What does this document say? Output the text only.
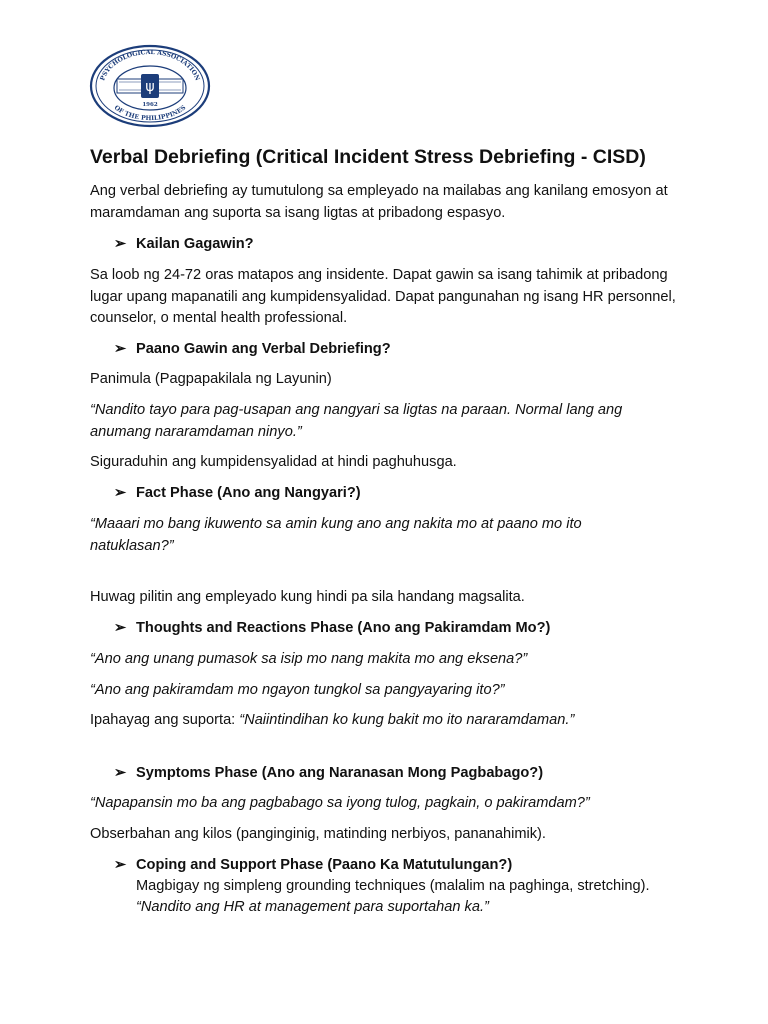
PSYCHOLOGICAL ASSOCIATION
OF THE PHILIPPINES
ψ
1962
Verbal Debriefing (Critical Incident Stress Debriefing - CISD)

Ang verbal debriefing ay tumutulong sa empleyado na mailabas ang kanilang emosyon at maramdaman ang suporta sa isang ligtas at pribadong espasyo.

➢ Kailan Gagawin?

Sa loob ng 24-72 oras matapos ang insidente. Dapat gawin sa isang tahimik at pribadong lugar upang mapanatili ang kumpidensyalidad. Dapat pangunahan ng isang HR personnel, counselor, o mental health professional.

➢ Paano Gawin ang Verbal Debriefing?

Panimula (Pagpapakilala ng Layunin)

“Nandito tayo para pag-usapan ang nangyari sa ligtas na paraan. Normal lang ang anumang nararamdaman ninyo.”

Siguraduhin ang kumpidensyalidad at hindi paghuhusga.

➢ Fact Phase (Ano ang Nangyari?)

“Maaari mo bang ikuwento sa amin kung ano ang nakita mo at paano mo ito natuklasan?”

Huwag pilitin ang empleyado kung hindi pa sila handang magsalita.

➢ Thoughts and Reactions Phase (Ano ang Pakiramdam Mo?)

“Ano ang unang pumasok sa isip mo nang makita mo ang eksena?”

“Ano ang pakiramdam mo ngayon tungkol sa pangyayaring ito?”

Ipahayag ang suporta: “Naiintindihan ko kung bakit mo ito nararamdaman.”

➢ Symptoms Phase (Ano ang Naranasan Mong Pagbabago?)

“Napapansin mo ba ang pagbabago sa iyong tulog, pagkain, o pakiramdam?”

Obserbahan ang kilos (panginginig, matinding nerbiyos, pananahimik).

➢ Coping and Support Phase (Paano Ka Matutulungan?)

Magbigay ng simpleng grounding techniques (malalim na paghinga, stretching).

“Nandito ang HR at management para suportahan ka.”
